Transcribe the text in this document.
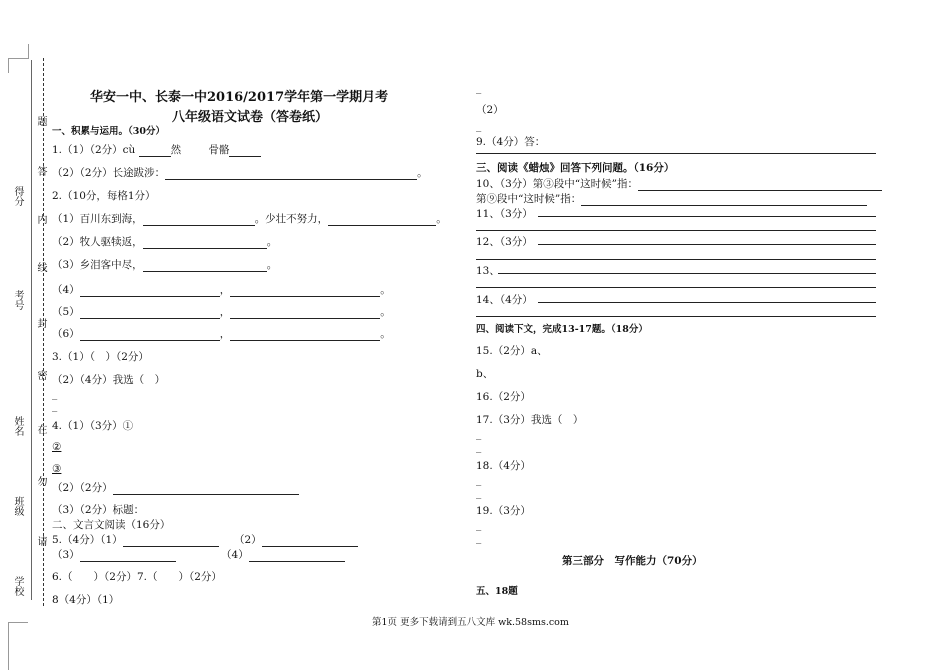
学校
班级
姓名
考号
得分
请
勿
在
密
封
线
内
答
题
华安一中、长泰一中2016/2017学年第一学期月考
八年级语文试卷（答卷纸）
一、积累与运用。（30分）
1.（1）（2分）cù	然	骨骼
（2）（2分）长途跋涉：	。
2.（10分，每格1分）
（1）百川东到海，	。少壮不努力，	。
（2）牧人驱犊返，	。
（3）乡泪客中尽，	。
（4）	，	。
（5）	，	。
（6）	，	。
3.（1）（　）（2分）
（2）（4分）我选（　）
_
_
4.（1）（3分）①
②
③
（2）（2分）
（3）（2分）标题：
二、文言文阅读（16分）
5.（4分）（1）	（2）
（3）	（4）
6.（　　）（2分）7.（　　）（2分）
8（4分）（1）
_
（2）
_
9.（4分）答：
三、阅读《蜡烛》回答下列问题。（16分）
10、（3分）第③段中“这时候”指：
第⑨段中“这时候”指：
11、（3分）
12、（3分）
13、
14、（4分）
四、阅读下文，完成13-17题。（18分）
15.（2分）a、
b、
16.（2分）
17.（3分）我选（　）
_
_
18.（4分）
_
_
19.（3分）
_
_
第三部分　写作能力（70分）
五、18题
第1页 更多下载请到五八文库 wk.58sms.com
